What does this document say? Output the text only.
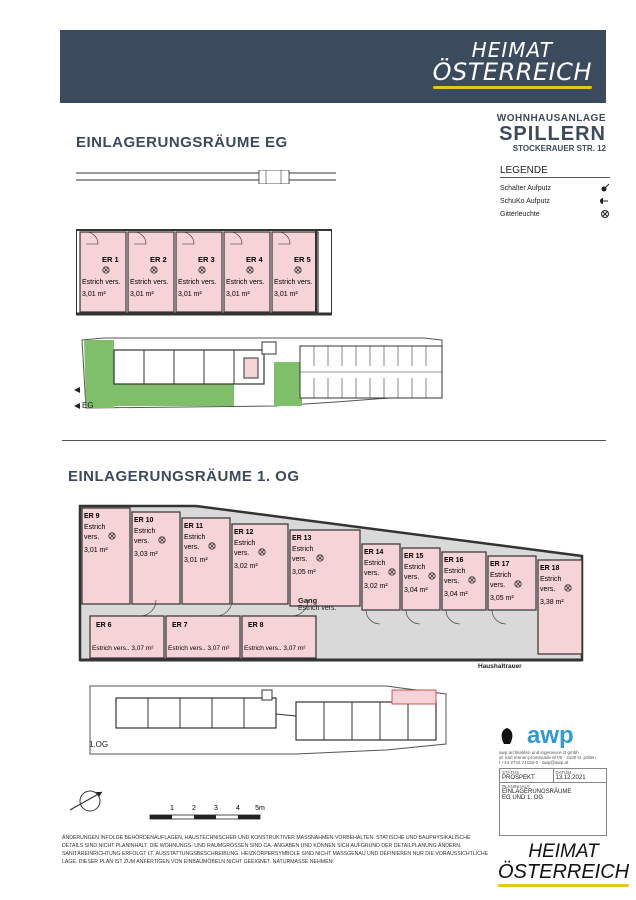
HEIMAT
ÖSTERREICH
WOHNHAUSANLAGE
SPILLERN
STOCKERAUER STR. 12
LEGENDE
Schalter Aufputz
SchuKo Aufputz
Gitterleuchte
EINLAGERUNGSRÄUME EG
ER 1
Estrich vers.
3,01 m²
ER 2
Estrich vers.
3,01 m²
ER 3
Estrich vers.
3,01 m²
ER 4
Estrich vers.
3,01 m²
ER 5
Estrich vers.
3,01 m²
EG
EINLAGERUNGSRÄUME 1. OG
ER 9
Estrich
vers.
3,01 m²
ER 10
Estrich
vers.
3,03 m²
ER 11
Estrich
vers.
3,01 m²
ER 12
Estrich
vers.
3,02 m²
ER 13
Estrich
vers.
3,05 m²
ER 14
Estrich
vers.
3,02 m²
ER 15
Estrich
vers.
3,04 m²
ER 16
Estrich
vers.
3,04 m²
ER 17
Estrich
vers.
3,05 m²
ER 18
Estrich
vers.
3,38 m²
ER 6
Estrich vers.. 3,07 m²
ER 7
Estrich vers.. 3,07 m²
ER 8
Estrich vers.. 3,07 m²
Gang
Estrich vers.
Haushaltrauer
1.OG
1	2	3	4 5m
ÄNDERUNGEN INFOLGE BEHÖRDENAUFLAGEN, HAUSTECHNISCHER UND KONSTRUKTIVER MASSNAHMEN VORBEHALTEN. STATISCHE UND BAUPHYSIKALISCHE DETAILS SIND NICHT PLANINHALT. DIE WOHNUNGS- UND RAUMGRÖSSEN SIND CA.-ANGABEN UND KÖNNEN SICH AUFGRUND DER DETAILPLANUNG ÄNDERN. SANITÄREINRICHTUNG ERFOLGT LT. AUSSTATTUNGSBESCHREIBUNG. HEIZKÖRPERSYMBOLE SIND NICHT MASSGENAU UND DEFINIEREN NUR DIE VORAUSSICHTLICHE LAGE. DIESER PLAN IST ZUM ANFERTIGEN VON EINBAUMÖBELN NICHT GEEIGNET. NATURMASSE NEHMEN!
awp
awp architekten und ingenieure zt gmbh
dr. karl renner-promenade 8/7/0 · 3100 st. pölten
t +43 2742 74193-0 · awp@awp.at
STATUS
PROSPEKT
DATUM
13.12.2021
PLANINHALT
EINLAGERUNGSRÄUME
EG UND 1. OG
HEIMAT
ÖSTERREICH
